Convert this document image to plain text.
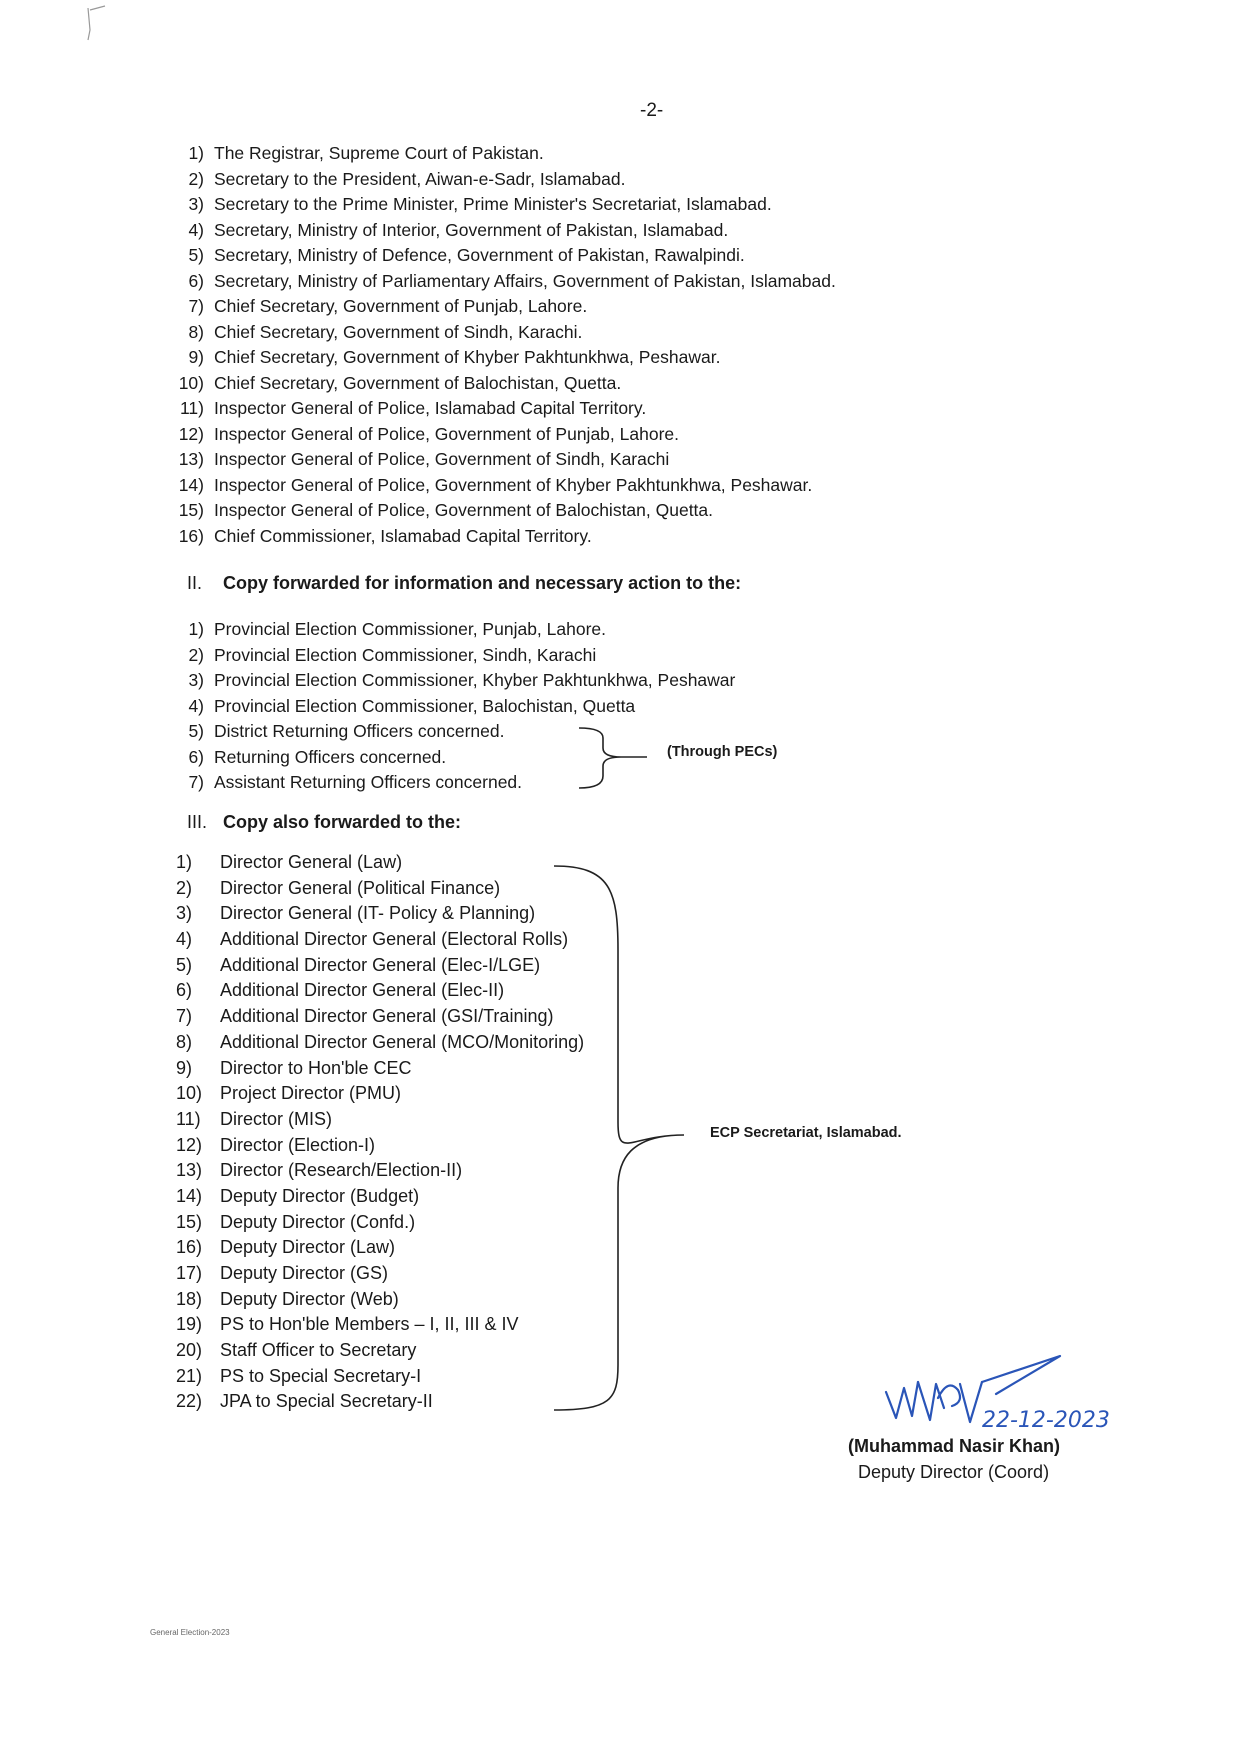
-2-
1) The Registrar, Supreme Court of Pakistan.
2) Secretary to the President, Aiwan-e-Sadr, Islamabad.
3) Secretary to the Prime Minister, Prime Minister's Secretariat, Islamabad.
4) Secretary, Ministry of Interior, Government of Pakistan, Islamabad.
5) Secretary, Ministry of Defence, Government of Pakistan, Rawalpindi.
6) Secretary, Ministry of Parliamentary Affairs, Government of Pakistan, Islamabad.
7) Chief Secretary, Government of Punjab, Lahore.
8) Chief Secretary, Government of Sindh, Karachi.
9) Chief Secretary, Government of Khyber Pakhtunkhwa, Peshawar.
10) Chief Secretary, Government of Balochistan, Quetta.
11) Inspector General of Police, Islamabad Capital Territory.
12) Inspector General of Police, Government of Punjab, Lahore.
13) Inspector General of Police, Government of Sindh, Karachi
14) Inspector General of Police, Government of Khyber Pakhtunkhwa, Peshawar.
15) Inspector General of Police, Government of Balochistan, Quetta.
16) Chief Commissioner, Islamabad Capital Territory.
II. Copy forwarded for information and necessary action to the:
1) Provincial Election Commissioner, Punjab, Lahore.
2) Provincial Election Commissioner, Sindh, Karachi
3) Provincial Election Commissioner, Khyber Pakhtunkhwa, Peshawar
4) Provincial Election Commissioner, Balochistan, Quetta
5) District Returning Officers concerned.
6) Returning Officers concerned.
7) Assistant Returning Officers concerned.
(Through PECs)
III. Copy also forwarded to the:
1)	Director General (Law)
2)	Director General (Political Finance)
3)	Director General (IT- Policy & Planning)
4)	Additional Director General (Electoral Rolls)
5)	Additional Director General (Elec-I/LGE)
6)	Additional Director General (Elec-II)
7)	Additional Director General (GSI/Training)
8)	Additional Director General (MCO/Monitoring)
9)	Director to Hon'ble CEC
10) Project Director (PMU)
11)	Director (MIS)
12) Director (Election-I)
13) Director (Research/Election-II)
14) Deputy Director (Budget)
15) Deputy Director (Confd.)
16) Deputy Director (Law)
17) Deputy Director (GS)
18) Deputy Director (Web)
19) PS to Hon'ble Members – I, II, III & IV
20) Staff Officer to Secretary
21) PS to Special Secretary-I
22) JPA to Special Secretary-II
ECP Secretariat, Islamabad.
22-12-2023
(Muhammad Nasir Khan)
Deputy Director (Coord)
General Election-2023
